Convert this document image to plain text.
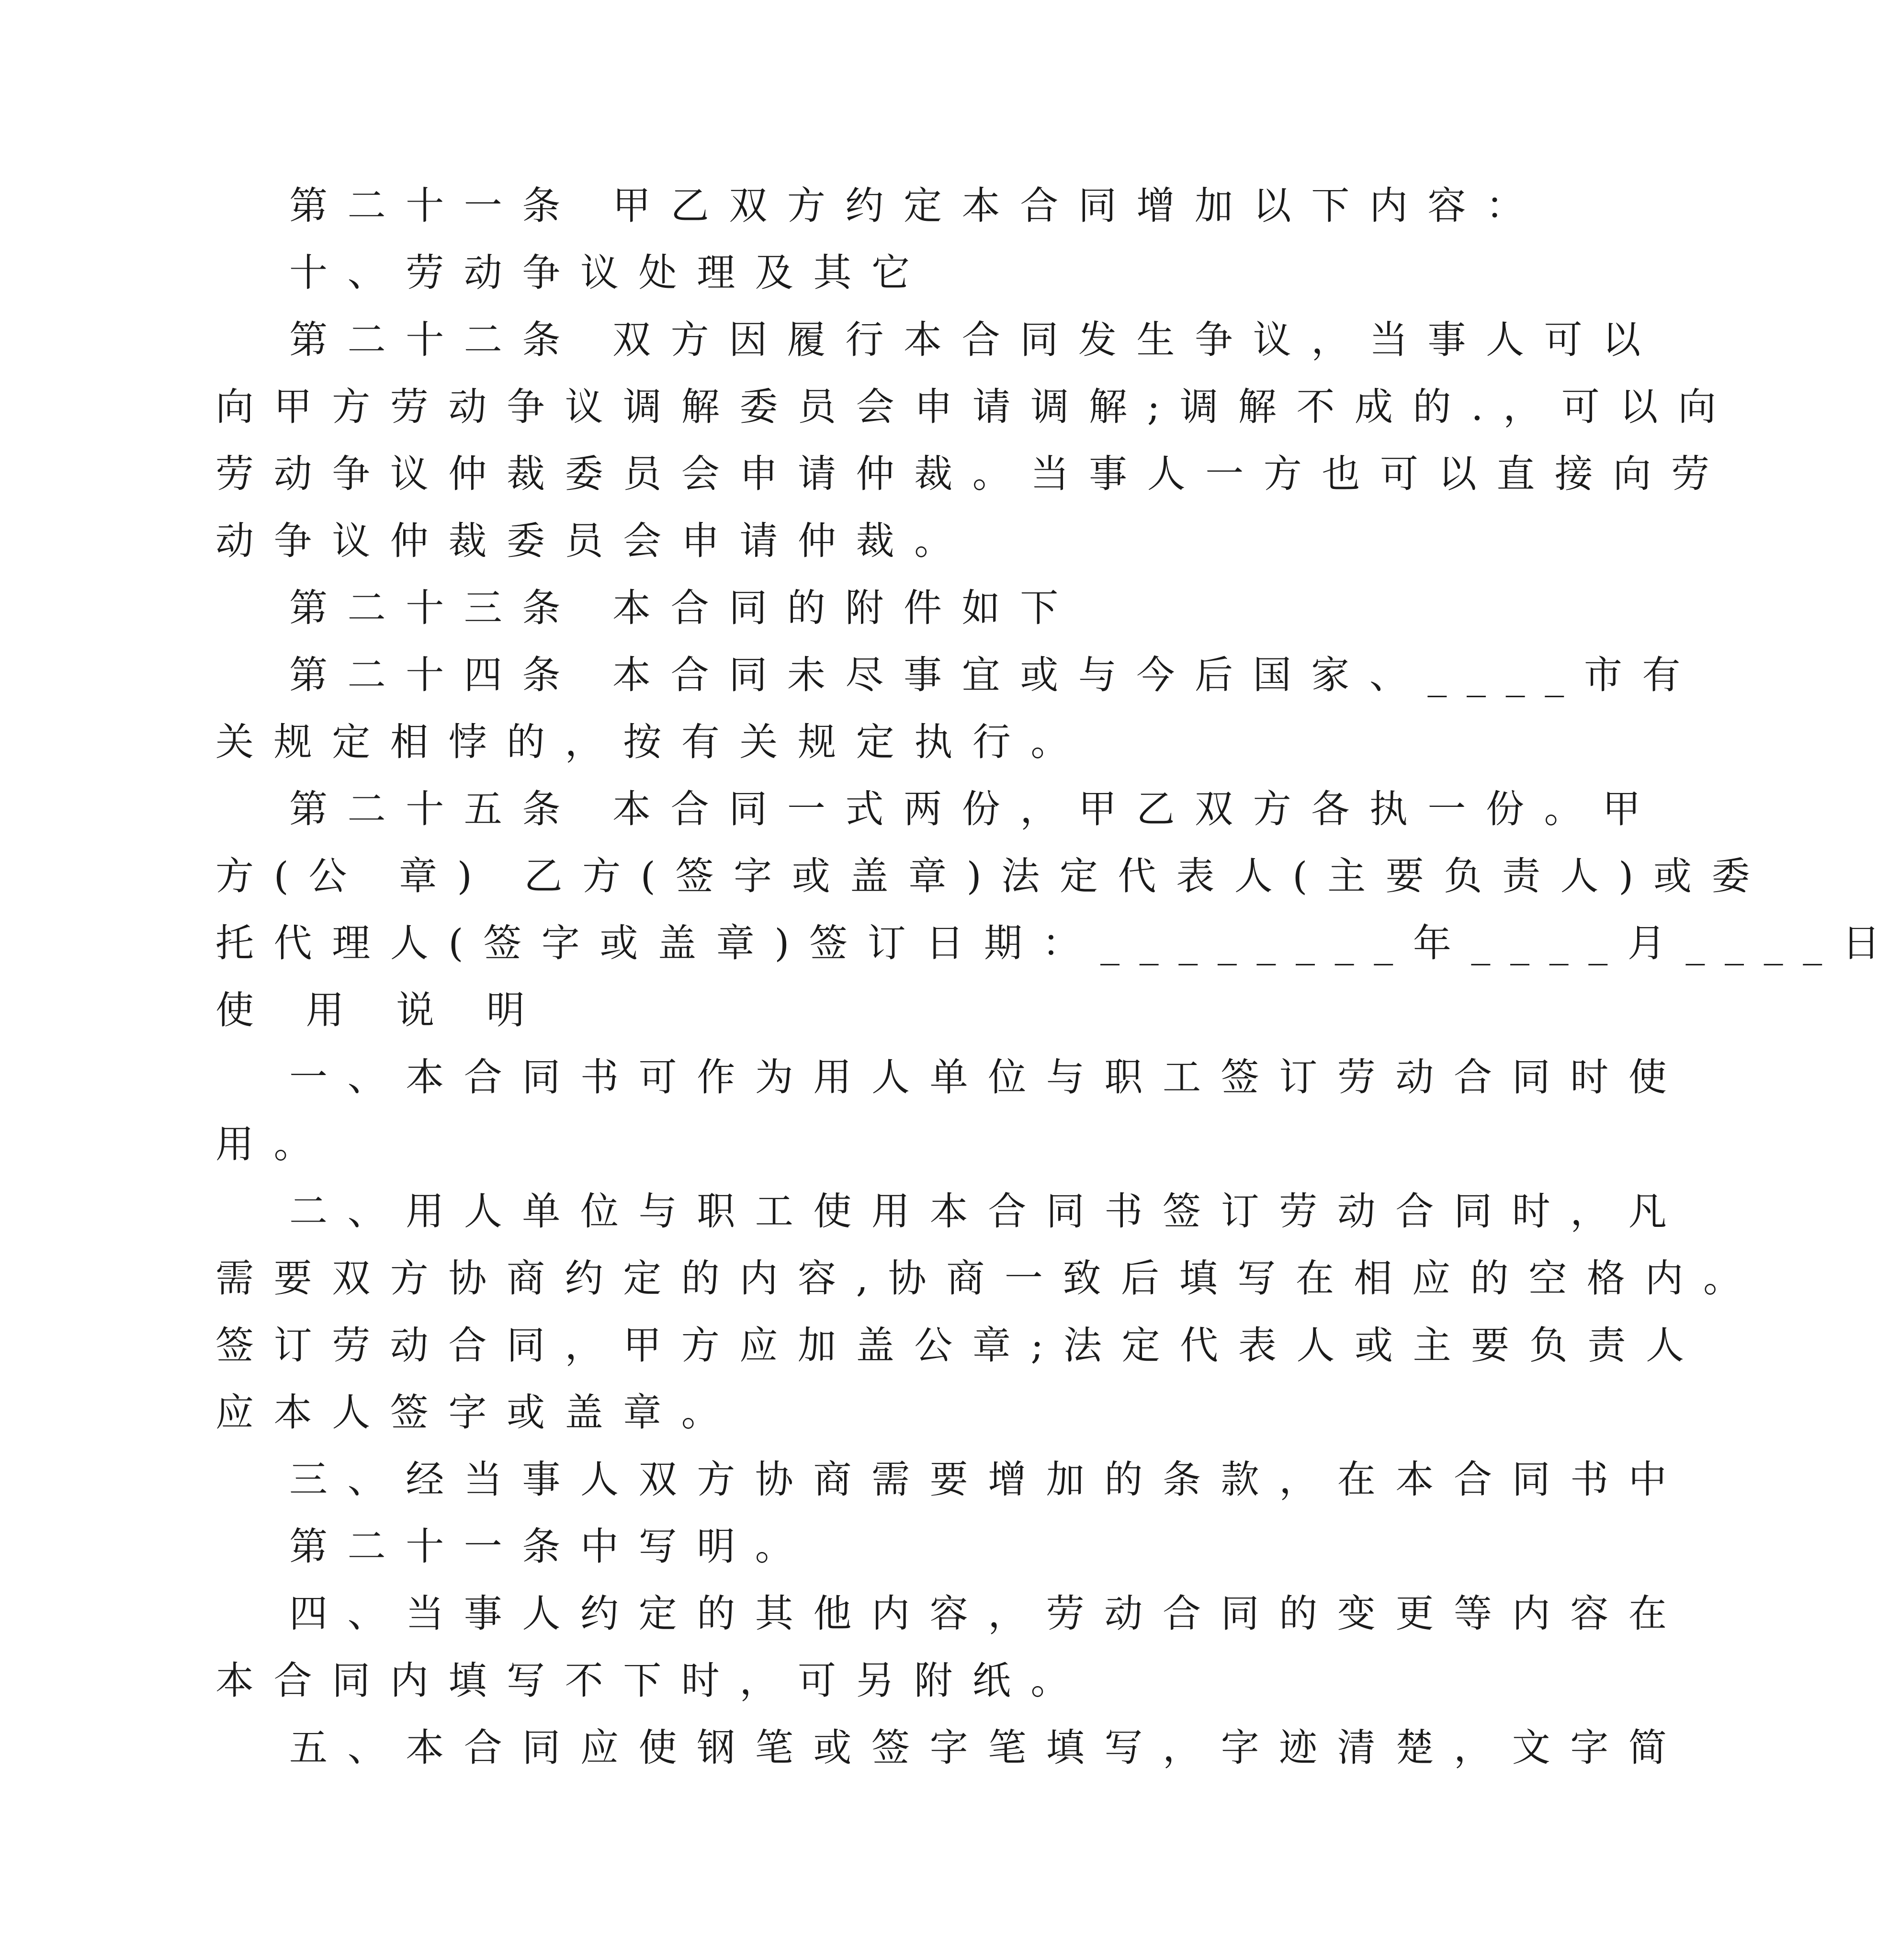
第二十一条 甲乙双方约定本合同增加以下内容：
十、劳动争议处理及其它
第二十二条 双方因履行本合同发生争议，当事人可以
向甲方劳动争议调解委员会申请调解;调解不成的.，可以向
劳动争议仲裁委员会申请仲裁。当事人一方也可以直接向劳
动争议仲裁委员会申请仲裁。
第二十三条 本合同的附件如下
第二十四条 本合同未尽事宜或与今后国家、____市有
关规定相悖的，按有关规定执行。
第二十五条 本合同一式两份，甲乙双方各执一份。甲
方(公 章) 乙方(签字或盖章)法定代表人(主要负责人)或委
托代理人(签字或盖章)签订日期：________年____月____日
使 用 说 明
一、本合同书可作为用人单位与职工签订劳动合同时使
用。
二、用人单位与职工使用本合同书签订劳动合同时，凡
需要双方协商约定的内容,协商一致后填写在相应的空格内。
签订劳动合同，甲方应加盖公章;法定代表人或主要负责人
应本人签字或盖章。
三、经当事人双方协商需要增加的条款，在本合同书中
第二十一条中写明。
四、当事人约定的其他内容，劳动合同的变更等内容在
本合同内填写不下时，可另附纸。
五、本合同应使钢笔或签字笔填写，字迹清楚，文字简
